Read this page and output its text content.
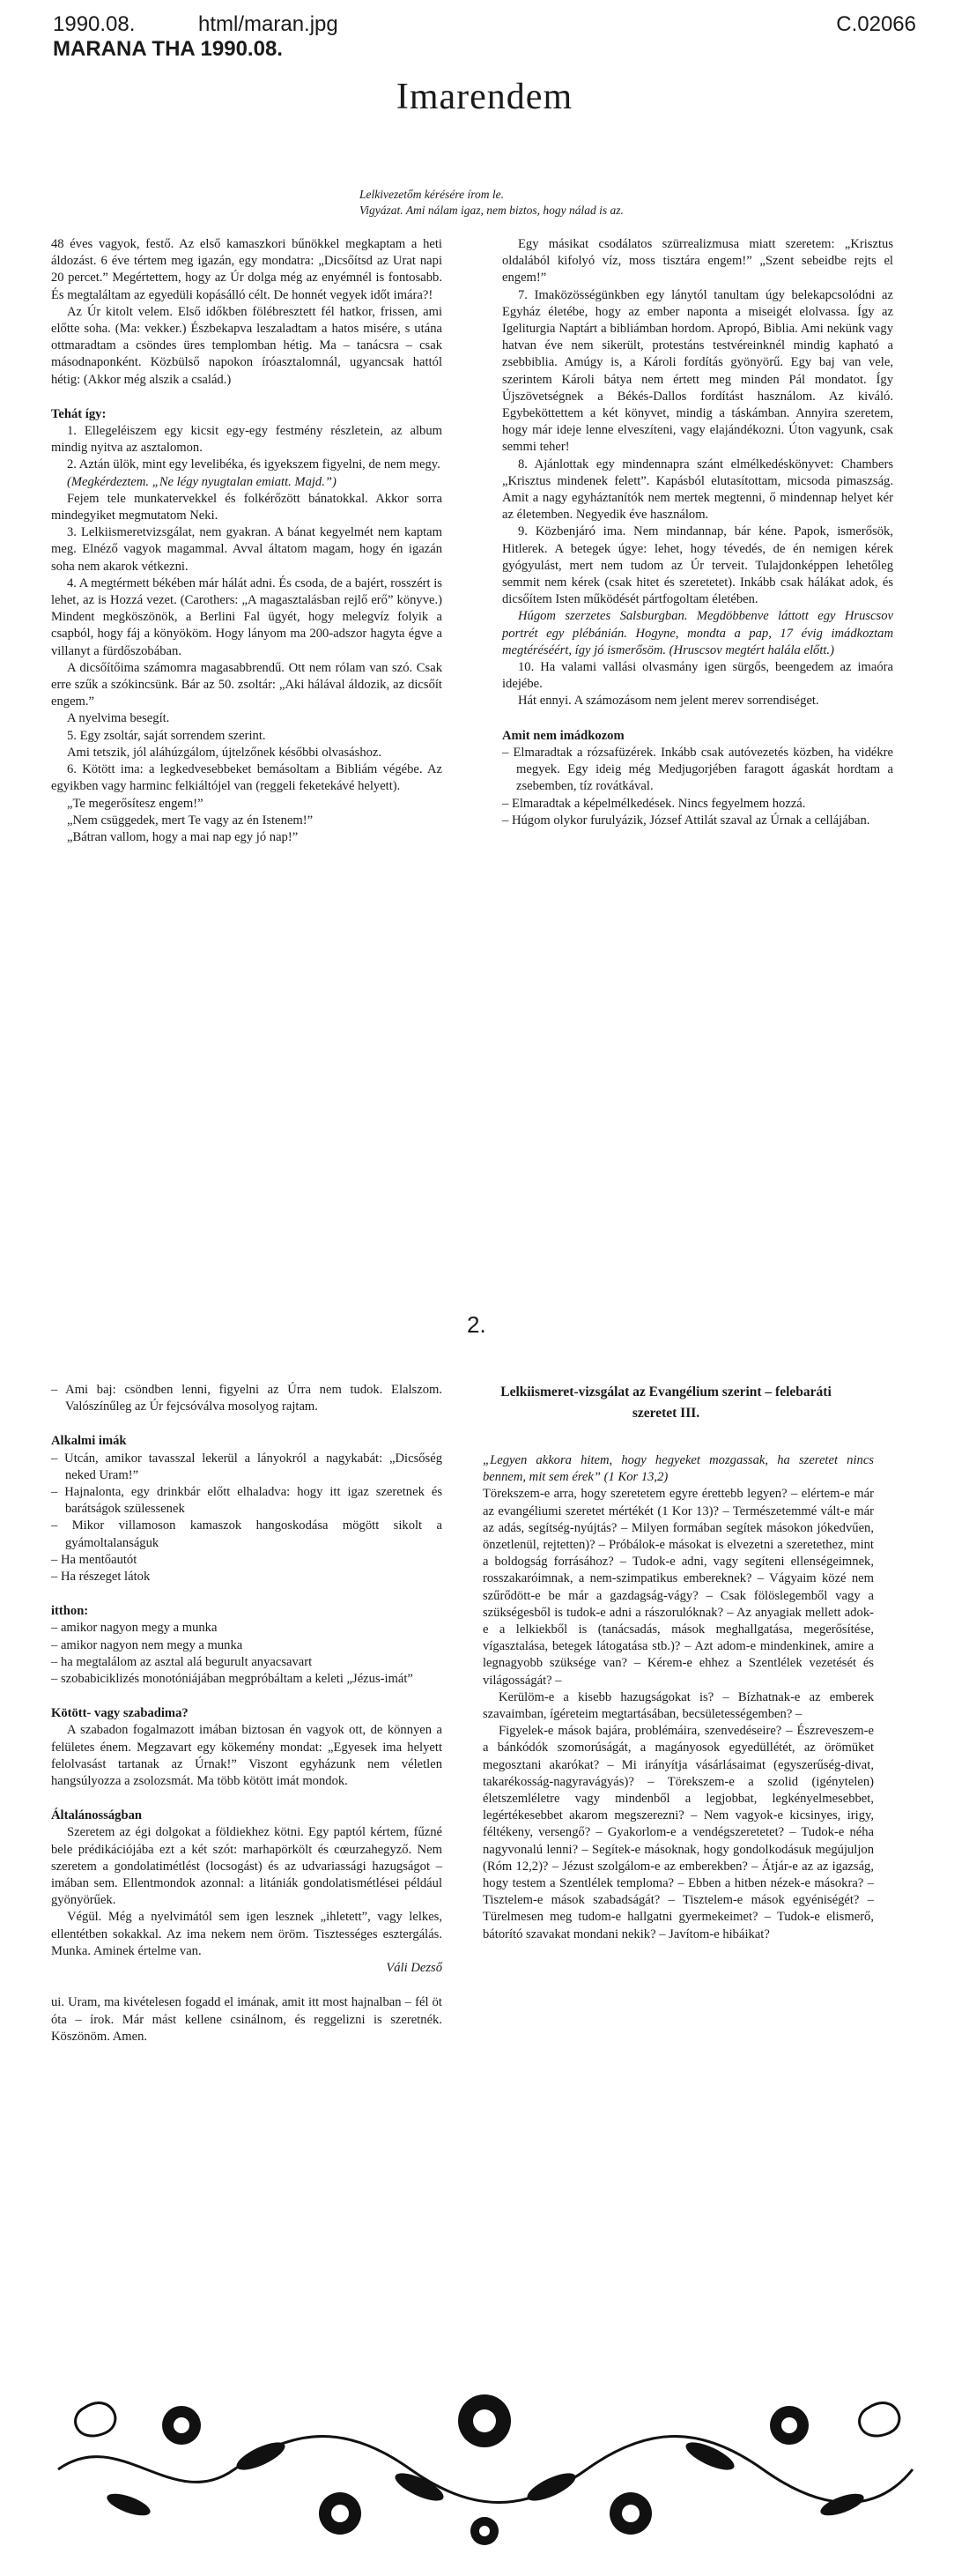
1990.08.	html/maran.jpg	C.02066
MARANA THA 1990.08.
Imarendem
Lelkivezetőm kérésére írom le.
Vigyázat. Ami nálam igaz, nem biztos, hogy nálad is az.

48 éves vagyok, festő. Az első kamaszkori bűnökkel megkaptam a heti áldozást. 6 éve tértem meg igazán, egy mondatra: „Dicsőítsd az Urat napi 20 percet.” Megértettem, hogy az Úr dolga még az enyémnél is fontosabb. És megtaláltam az egyedüli kopásálló célt. De honnét vegyek időt imára?!

Az Úr kitolt velem. Első időkben fölébresztett fél hatkor, frissen, ami előtte soha. (Ma: vekker.) Észbekapva leszaladtam a hatos misére, s utána ottmaradtam a csöndes üres templomban hétig. Ma – tanácsra – csak másodnaponként. Közbülső napokon íróasztalomnál, ugyancsak hattól hétig: (Akkor még alszik a család.)

Tehát így:

1. Ellegeléiszem egy kicsit egy-egy festmény részletein, az album mindig nyitva az asztalomon.

2. Aztán ülök, mint egy levelibéka, és igyekszem figyelni, de nem megy.

(Megkérdeztem. „Ne légy nyugtalan emiatt. Majd.”)

Fejem tele munkatervekkel és folkérőzött bánatokkal. Akkor sorra mindegyiket megmutatom Neki.

3. Lelkiismeretvizsgálat, nem gyakran. A bánat kegyelmét nem kaptam meg. Elnéző vagyok magammal. Avval áltatom magam, hogy én igazán soha nem akarok vétkezni.

4. A megtérmett békében már hálát adni. És csoda, de a bajért, rosszért is lehet, az is Hozzá vezet. (Carothers: „A magasztalásban rejlő erő” könyve.) Mindent megköszönök, a Berlini Fal ügyét, hogy melegvíz folyik a csapból, hogy fáj a könyököm. Hogy lányom ma 200-adszor hagyta égve a villanyt a fürdőszobában.

A dicsőítőima számomra magasabbrendű. Ott nem rólam van szó. Csak erre szűk a szókincsünk. Bár az 50. zsoltár: „Aki hálával áldozik, az dicsőít engem.”

A nyelvima besegít.

5. Egy zsoltár, saját sorrendem szerint.

Ami tetszik, jól aláhúzgálom, újtelzőnek későbbi olvasáshoz.

6. Kötött ima: a legkedvesebbeket bemásoltam a Bibliám végébe. Az egyikben vagy harminc felkiáltójel van (reggeli feketekávé helyett).

„Te megerősítesz engem!”

„Nem csüggedek, mert Te vagy az én Istenem!”

„Bátran vallom, hogy a mai nap egy jó nap!”

Egy másikat csodálatos szürrealizmusa miatt szeretem: „Krisztus oldalából kifolyó víz, moss tisztára engem!” „Szent sebeidbe rejts el engem!”

7. Imaközösségünkben egy lánytól tanultam úgy belekapcsolódni az Egyház életébe, hogy az ember naponta a miseigét elolvassa. Így az Igeliturgia Naptárt a bibliámban hordom. Apropó, Biblia. Ami nekünk vagy hatvan éve nem sikerült, protestáns testvéreinknél mindig kapható a zsebbiblia. Amúgy is, a Károli fordítás gyönyörű. Egy baj van vele, szerintem Károli bátya nem értett meg minden Pál mondatot. Így Újszövetségnek a Békés-Dallos fordítást használom. Az kiváló. Egybeköttettem a két könyvet, mindig a táskámban. Annyira szeretem, hogy már ideje lenne elveszíteni, vagy elajándékozni. Úton vagyunk, csak semmi teher!

8. Ajánlottak egy mindennapra szánt elmélkedéskönyvet: Chambers „Krisztus mindenek felett”. Kapásból elutasítottam, micsoda pimaszság. Amit a nagy egyháztanítók nem mertek megtenni, ő mindennap helyet kér az életemben. Negyedik éve használom.

9. Közbenjáró ima. Nem mindannap, bár kéne. Papok, ismerősök, Hitlerek. A betegek úgye: lehet, hogy tévedés, de én nemigen kérek gyógyulást, mert nem tudom az Úr terveit. Tulajdonképpen lehetőleg semmit nem kérek (csak hitet és szeretetet). Inkább csak hálákat adok, és dicsőítem Isten működését pártfogoltam életében.

Húgom szerzetes Salsburgban. Megdöbbenve láttott egy Hruscsov portrét egy plébánián. Hogyne, mondta a pap, 17 évig imádkoztam megtéréséért, így jó ismerősöm. (Hruscsov megtért halála előtt.)

10. Ha valami vallási olvasmány igen sürgős, beengedem az imaóra idejébe.

Hát ennyi. A számozásom nem jelent merev sorrendiséget.

Amit nem imádkozom

– Elmaradtak a rózsafüzérek. Inkább csak autóvezetés közben, ha vidékre megyek. Egy ideig még Medjugorjében faragott ágaskát hordtam a zsebemben, tíz rovátkával.

– Elmaradtak a képelmélkedések. Nincs fegyelmem hozzá.

– Húgom olykor furulyázik, József Attilát szaval az Úrnak a cellájában.

2.

– Ami baj: csöndben lenni, figyelni az Úrra nem tudok. Elalszom. Valószínűleg az Úr fejcsóválva mosolyog rajtam.

Alkalmi imák

– Utcán, amikor tavasszal lekerül a lányokról a nagykabát: „Dicsőség neked Uram!”

– Hajnalonta, egy drinkbár előtt elhaladva: hogy itt igaz szeretnek és barátságok szülessenek

– Mikor villamoson kamaszok hangoskodása mögött sikolt a gyámoltalanságuk

– Ha mentőautót

– Ha részeget látok

itthon:

– amikor nagyon megy a munka

– amikor nagyon nem megy a munka

– ha megtalálom az asztal alá begurult anyacsavart

– szobabiciklizés monotóniájában megpróbáltam a keleti „Jézus-imát”

Kötött- vagy szabadima?

A szabadon fogalmazott imában biztosan én vagyok ott, de könnyen a felületes énem. Megzavart egy kökemény mondat: „Egyesek ima helyett felolvasást tartanak az Úrnak!” Viszont egyházunk nem véletlen hangsúlyozza a zsolozsmát. Ma több kötött imát mondok.

Általánosságban

Szeretem az égi dolgokat a földiekhez kötni. Egy paptól kértem, fűzné bele prédikációjába ezt a két szót: marhapörkölt és cœurzahegyző. Nem szeretem a gondolatimétlést (locsogást) és az udvariassági hazugságot – imában sem. Ellentmondok azonnal: a litániák gondolatismétlései például gyönyörűek.

Végül. Még a nyelvimától sem igen lesznek „ihletett”, vagy lelkes, ellentétben sokakkal. Az ima nekem nem öröm. Tisztességes esztergálás. Munka. Aminek értelme van.

Váli Dezső

ui. Uram, ma kivételesen fogadd el imának, amit itt most hajnalban – fél öt óta – írok. Már mást kellene csinálnom, és reggelizni is szeretnék. Köszönöm. Amen.

Lelkiismeret-vizsgálat az Evangélium szerint – felebaráti szeretet III.

„Legyen akkora hitem, hogy hegyeket mozgassak, ha szeretet nincs bennem, mit sem érek” (1 Kor 13,2)

Törekszem-e arra, hogy szeretetem egyre érettebb legyen? – elértem-e már az evangéliumi szeretet mértékét (1 Kor 13)? – Természetemmé vált-e már az adás, segítség-nyújtás? – Milyen formában segítek másokon jókedvűen, önzetlenül, rejtetten)? – Próbálok-e másokat is elvezetni a szeretethez, mint a boldogság forrásához? – Tudok-e adni, vagy segíteni ellenségeimnek, rosszakaróimnak, a nem-szimpatikus embereknek? – Vágyaim közé nem szűrődött-e be már a gazdagság-vágy? – Csak fölöslegemből vagy a szükségesből is tudok-e adni a rászorulóknak? – Az anyagiak mellett adok-e a lelkiekből is (tanácsadás, mások meghallgatása, megerősítése, vígasztalása, betegek látogatása stb.)? – Azt adom-e mindenkinek, amire a legnagyobb szüksége van? – Kérem-e ehhez a Szentlélek vezetését és világosságát? –

Kerülöm-e a kisebb hazugságokat is? – Bízhatnak-e az emberek szavaimban, ígéreteim megtartásában, becsületességemben? –

Figyelek-e mások bajára, problémáira, szenvedéseire? – Észreveszem-e a bánkódók szomorúságát, a magányosok egyedüllétét, az örömüket megosztani akarókat? – Mi irányítja vásárlásaimat (egyszerűség-divat, takarékosság-nagyravágyás)? – Törekszem-e a szolid (igénytelen) életszemléletre vagy mindenből a legjobbat, legkényelmesebbet, legértékesebbet akarom megszerezni? – Nem vagyok-e kicsinyes, irigy, féltékeny, versengő? – Gyakorlom-e a vendégszeretetet? – Tudok-e néha nagyvonalú lenni? – Segítek-e másoknak, hogy gondolkodásuk megújuljon (Róm 12,2)? – Jézust szolgálom-e az emberekben? – Átjár-e az az igazság, hogy testem a Szentlélek temploma? – Ebben a hitben nézek-e másokra? – Tisztelem-e mások szabadságát? – Tisztelem-e mások egyéniségét? – Türelmesen meg tudom-e hallgatni gyermekeimet? – Tudok-e elismerő, bátorító szavakat mondani nekik? – Javítom-e hibáikat?
